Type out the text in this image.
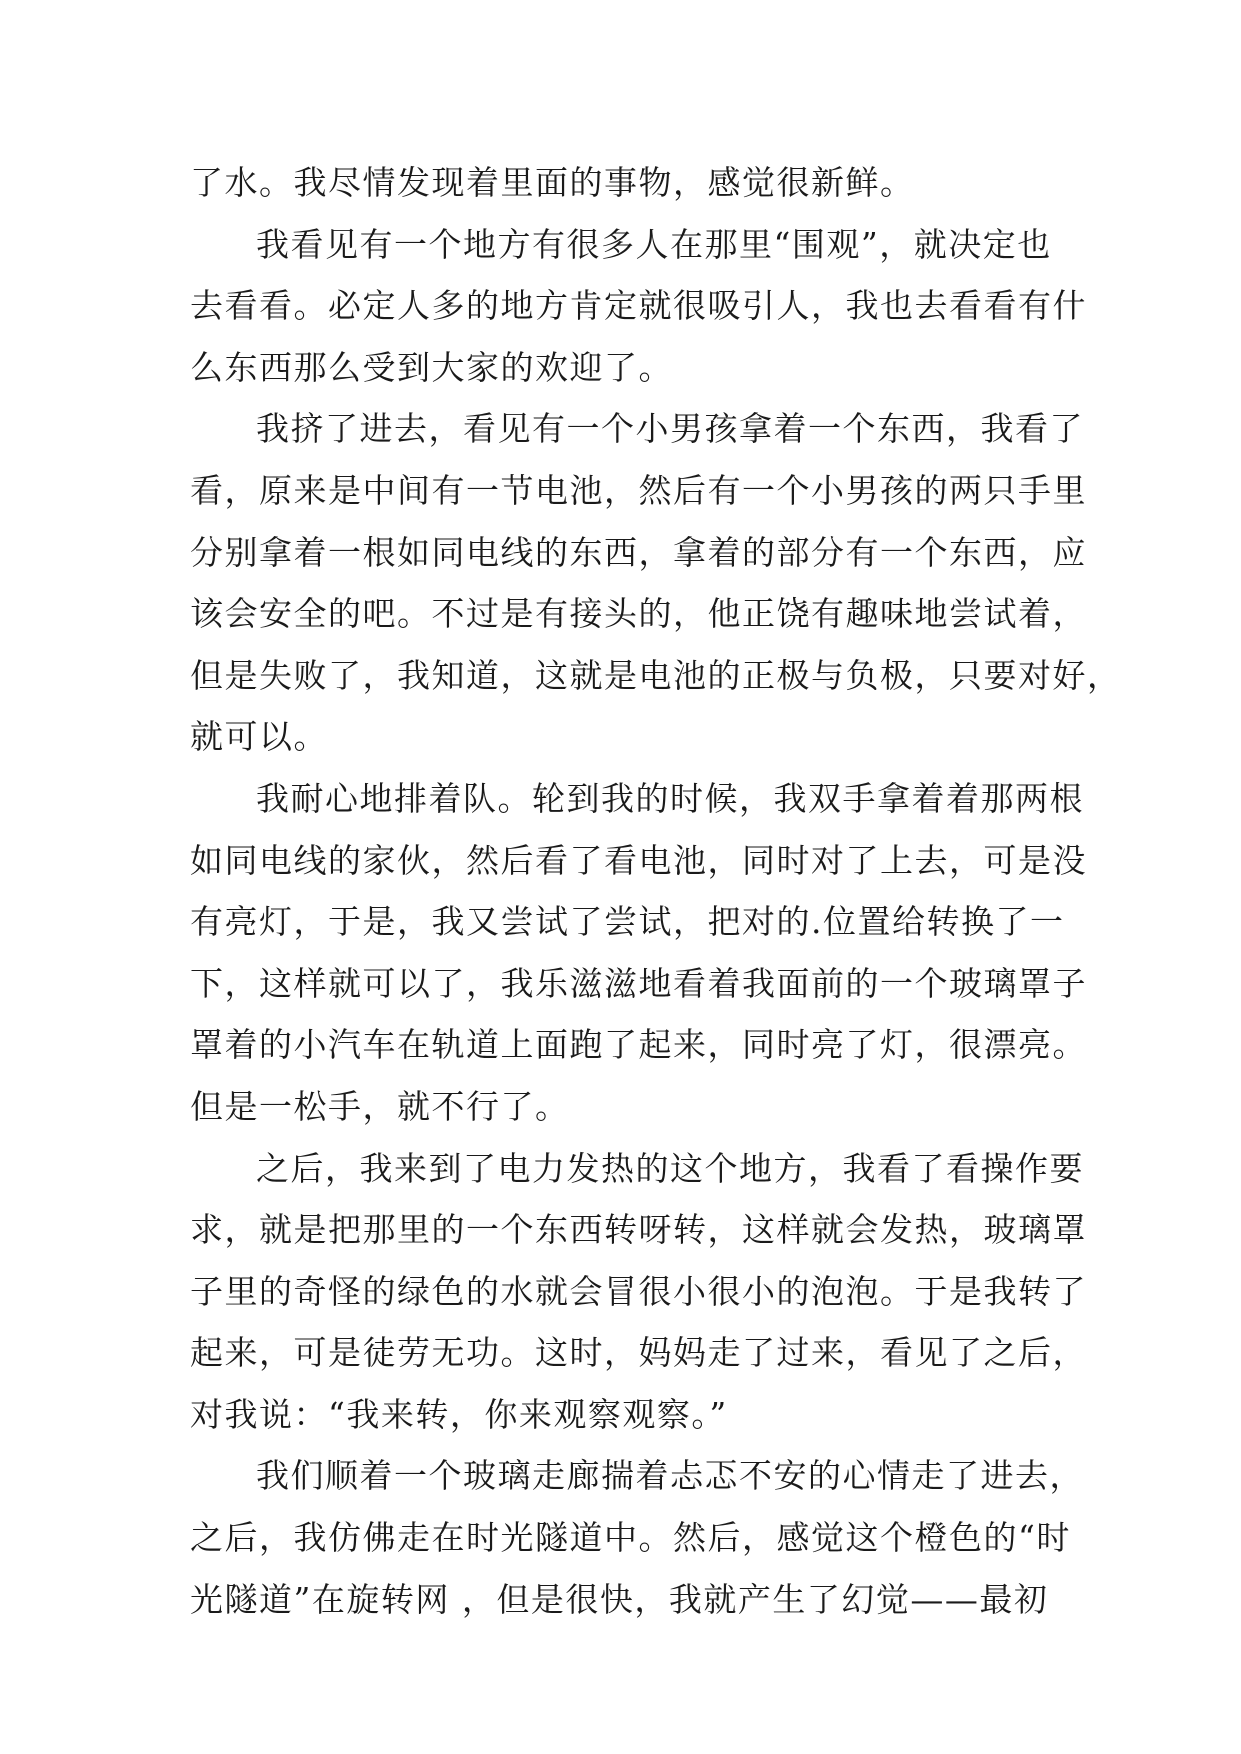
了水。我尽情发现着里面的事物，感觉很新鲜。
我看见有一个地方有很多人在那里“围观”，就决定也
去看看。必定人多的地方肯定就很吸引人，我也去看看有什
么东西那么受到大家的欢迎了。
我挤了进去，看见有一个小男孩拿着一个东西，我看了
看，原来是中间有一节电池，然后有一个小男孩的两只手里
分别拿着一根如同电线的东西，拿着的部分有一个东西，应
该会安全的吧。不过是有接头的，他正饶有趣味地尝试着，
但是失败了，我知道，这就是电池的正极与负极，只要对好，
就可以。
我耐心地排着队。轮到我的时候，我双手拿着着那两根
如同电线的家伙，然后看了看电池，同时对了上去，可是没
有亮灯，于是，我又尝试了尝试，把对的.位置给转换了一
下，这样就可以了，我乐滋滋地看着我面前的一个玻璃罩子
罩着的小汽车在轨道上面跑了起来，同时亮了灯，很漂亮。
但是一松手，就不行了。
之后，我来到了电力发热的这个地方，我看了看操作要
求，就是把那里的一个东西转呀转，这样就会发热，玻璃罩
子里的奇怪的绿色的水就会冒很小很小的泡泡。于是我转了
起来，可是徒劳无功。这时，妈妈走了过来，看见了之后，
对我说：“我来转，你来观察观察。”
我们顺着一个玻璃走廊揣着忐忑不安的心情走了进去，
之后，我仿佛走在时光隧道中。然后，感觉这个橙色的“时
光隧道”在旋转网 ，但是很快，我就产生了幻觉——最初
